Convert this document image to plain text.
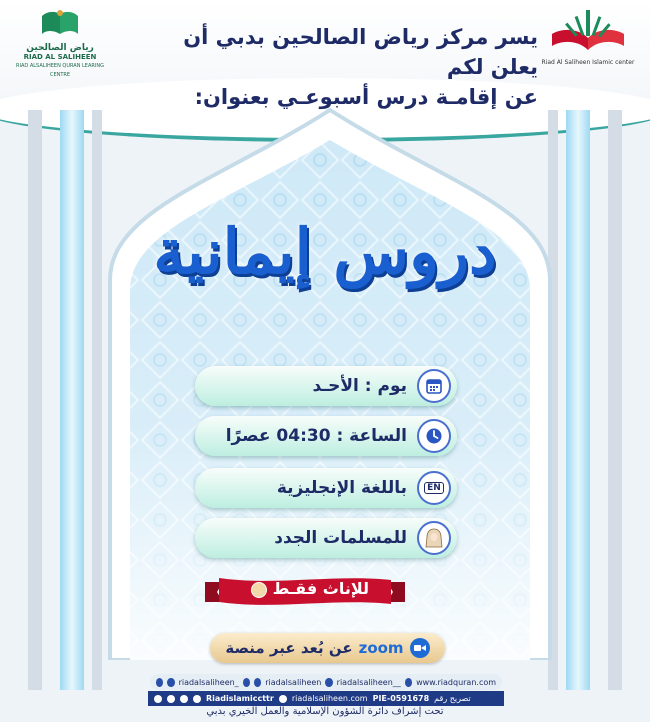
رياض الصالحين
RIAD AL SALIHEEN
RIAD ALSALIHEEN QURAN LEARING CENTRE
يسر مركز رياض الصالحين بدبي أن يعلن لكم
عن إقامـة درس أسبوعـي بعنوان:
Riad Al Saliheen Islamic center
دروس إيمانية
يوم : الأحـد
الساعة : 04:30 عصرًا
EN
باللغة الإنجليزية
للمسلمات الجدد
للإناث فقـط
عن بُعد عبر منصة zoom
riadalsaliheen_	riadalsaliheen riadalsaliheen__ www.riadquran.com
Riadislamiccttr riadalsaliheen.com PIE-0591678 تصريح رقم
تحت إشراف دائرة الشؤون الإسلامية والعمل الخيري بدبي
